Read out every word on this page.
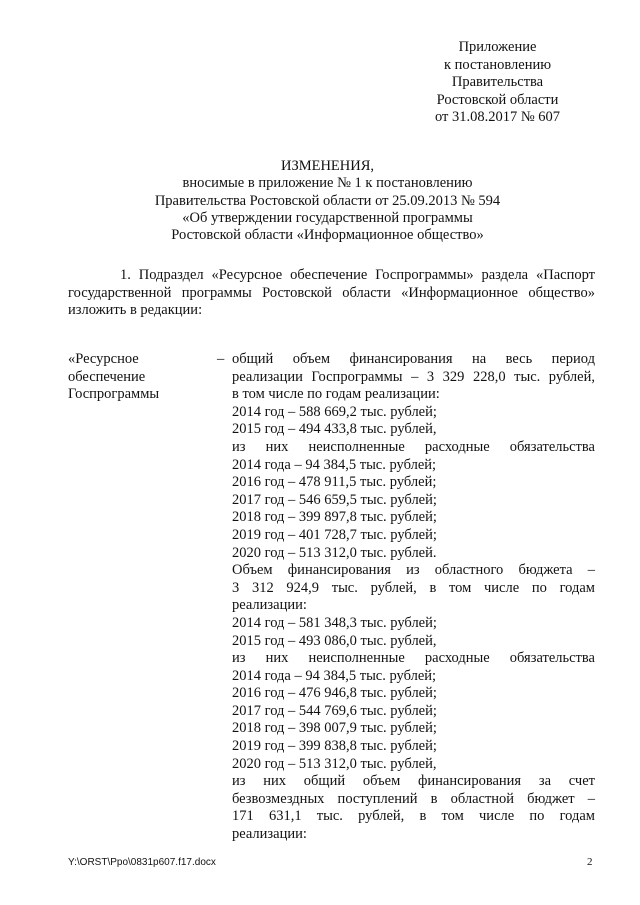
Приложение
к постановлению
Правительства
Ростовской области
от 31.08.2017 № 607
ИЗМЕНЕНИЯ,
вносимые в приложение № 1 к постановлению
Правительства Ростовской области от 25.09.2013 № 594
«Об утверждении государственной программы
Ростовской области «Информационное общество»
1. Подраздел «Ресурсное обеспечение Госпрограммы» раздела «Паспорт
государственной программы Ростовской области «Информационное общество»
изложить в редакции:
«Ресурсное
обеспечение
Госпрограммы
– общий объем финансирования на весь период
реализации Госпрограммы – 3 329 228,0 тыс. рублей,
в том числе по годам реализации:
2014 год – 588 669,2 тыс. рублей;
2015 год – 494 433,8 тыс. рублей,
из них неисполненные расходные обязательства
2014 года – 94 384,5 тыс. рублей;
2016 год – 478 911,5 тыс. рублей;
2017 год – 546 659,5 тыс. рублей;
2018 год – 399 897,8 тыс. рублей;
2019 год – 401 728,7 тыс. рублей;
2020 год – 513 312,0 тыс. рублей.
Объем финансирования из областного бюджета –
3 312 924,9 тыс. рублей, в том числе по годам
реализации:
2014 год – 581 348,3 тыс. рублей;
2015 год – 493 086,0 тыс. рублей,
из них неисполненные расходные обязательства
2014 года – 94 384,5 тыс. рублей;
2016 год – 476 946,8 тыс. рублей;
2017 год – 544 769,6 тыс. рублей;
2018 год – 398 007,9 тыс. рублей;
2019 год – 399 838,8 тыс. рублей;
2020 год – 513 312,0 тыс. рублей,
из них общий объем финансирования за счет
безвозмездных поступлений в областной бюджет –
171 631,1 тыс. рублей, в том числе по годам
реализации:
Y:\ORST\Ppo\0831p607.f17.docx	2
